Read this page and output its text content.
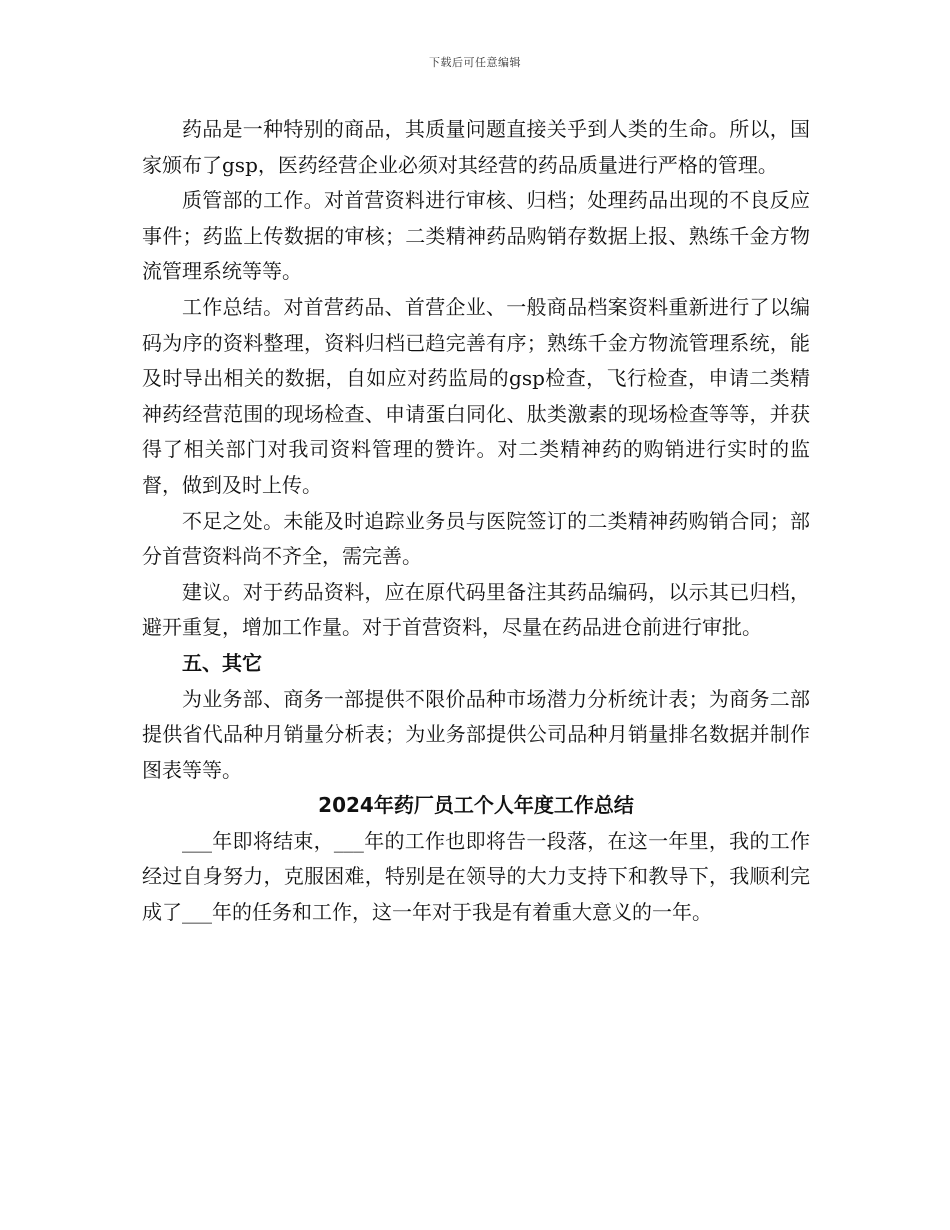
下载后可任意编辑

药品是一种特别的商品，其质量问题直接关乎到人类的生命。所以，国家颁布了gsp，医药经营企业必须对其经营的药品质量进行严格的管理。

质管部的工作。对首营资料进行审核、归档；处理药品出现的不良反应事件；药监上传数据的审核；二类精神药品购销存数据上报、熟练千金方物流管理系统等等。

工作总结。对首营药品、首营企业、一般商品档案资料重新进行了以编码为序的资料整理，资料归档已趋完善有序；熟练千金方物流管理系统，能及时导出相关的数据，自如应对药监局的gsp检查，飞行检查，申请二类精神药经营范围的现场检查、申请蛋白同化、肽类激素的现场检查等等，并获得了相关部门对我司资料管理的赞许。对二类精神药的购销进行实时的监督，做到及时上传。

不足之处。未能及时追踪业务员与医院签订的二类精神药购销合同；部分首营资料尚不齐全，需完善。

建议。对于药品资料，应在原代码里备注其药品编码，以示其已归档，避开重复，增加工作量。对于首营资料，尽量在药品进仓前进行审批。

五、其它

为业务部、商务一部提供不限价品种市场潜力分析统计表；为商务二部提供省代品种月销量分析表；为业务部提供公司品种月销量排名数据并制作图表等等。

2024年药厂员工个人年度工作总结

___年即将结束，___年的工作也即将告一段落，在这一年里，我的工作经过自身努力，克服困难，特别是在领导的大力支持下和教导下，我顺利完成了___年的任务和工作，这一年对于我是有着重大意义的一年。
